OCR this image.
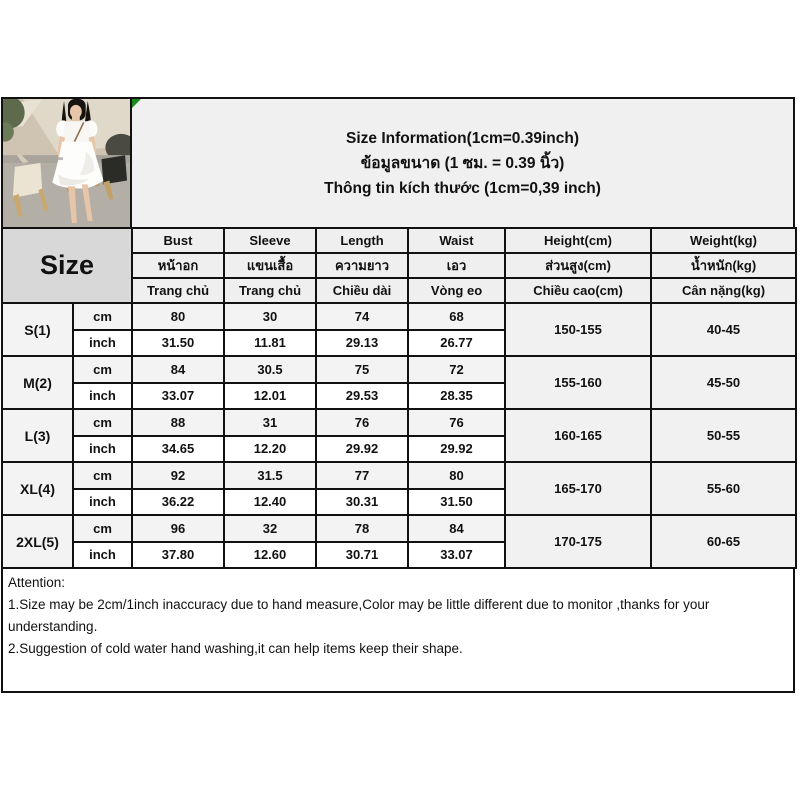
Size Information(1cm=0.39inch)
ข้อมูลขนาด (1 ซม. = 0.39 นิ้ว)
Thông tin kích thước (1cm=0,39 inch)
Size		Bust	Sleeve	Length	Waist	Height(cm)	Weight(kg)
		หน้าอก	แขนเสื้อ	ความยาว	เอว	ส่วนสูง(cm)	น้ำหนัก(kg)
		Trang chủ	Trang chủ	Chiều dài	Vòng eo	Chiều cao(cm)	Cân nặng(kg)
S(1)	cm	80	30	74	68	150-155	40-45
	inch	31.50	11.81	29.13	26.77		
M(2)	cm	84	30.5	75	72	155-160	45-50
	inch	33.07	12.01	29.53	28.35		
L(3)	cm	88	31	76	76	160-165	50-55
	inch	34.65	12.20	29.92	29.92		
XL(4)	cm	92	31.5	77	80	165-170	55-60
	inch	36.22	12.40	30.31	31.50		
2XL(5)	cm	96	32	78	84	170-175	60-65
	inch	37.80	12.60	30.71	33.07		
Attention:
1.Size may be 2cm/1inch inaccuracy due to hand measure,Color may be little different due to monitor ,thanks for your understanding.
2.Suggestion of cold water hand washing,it can help items keep their shape.
